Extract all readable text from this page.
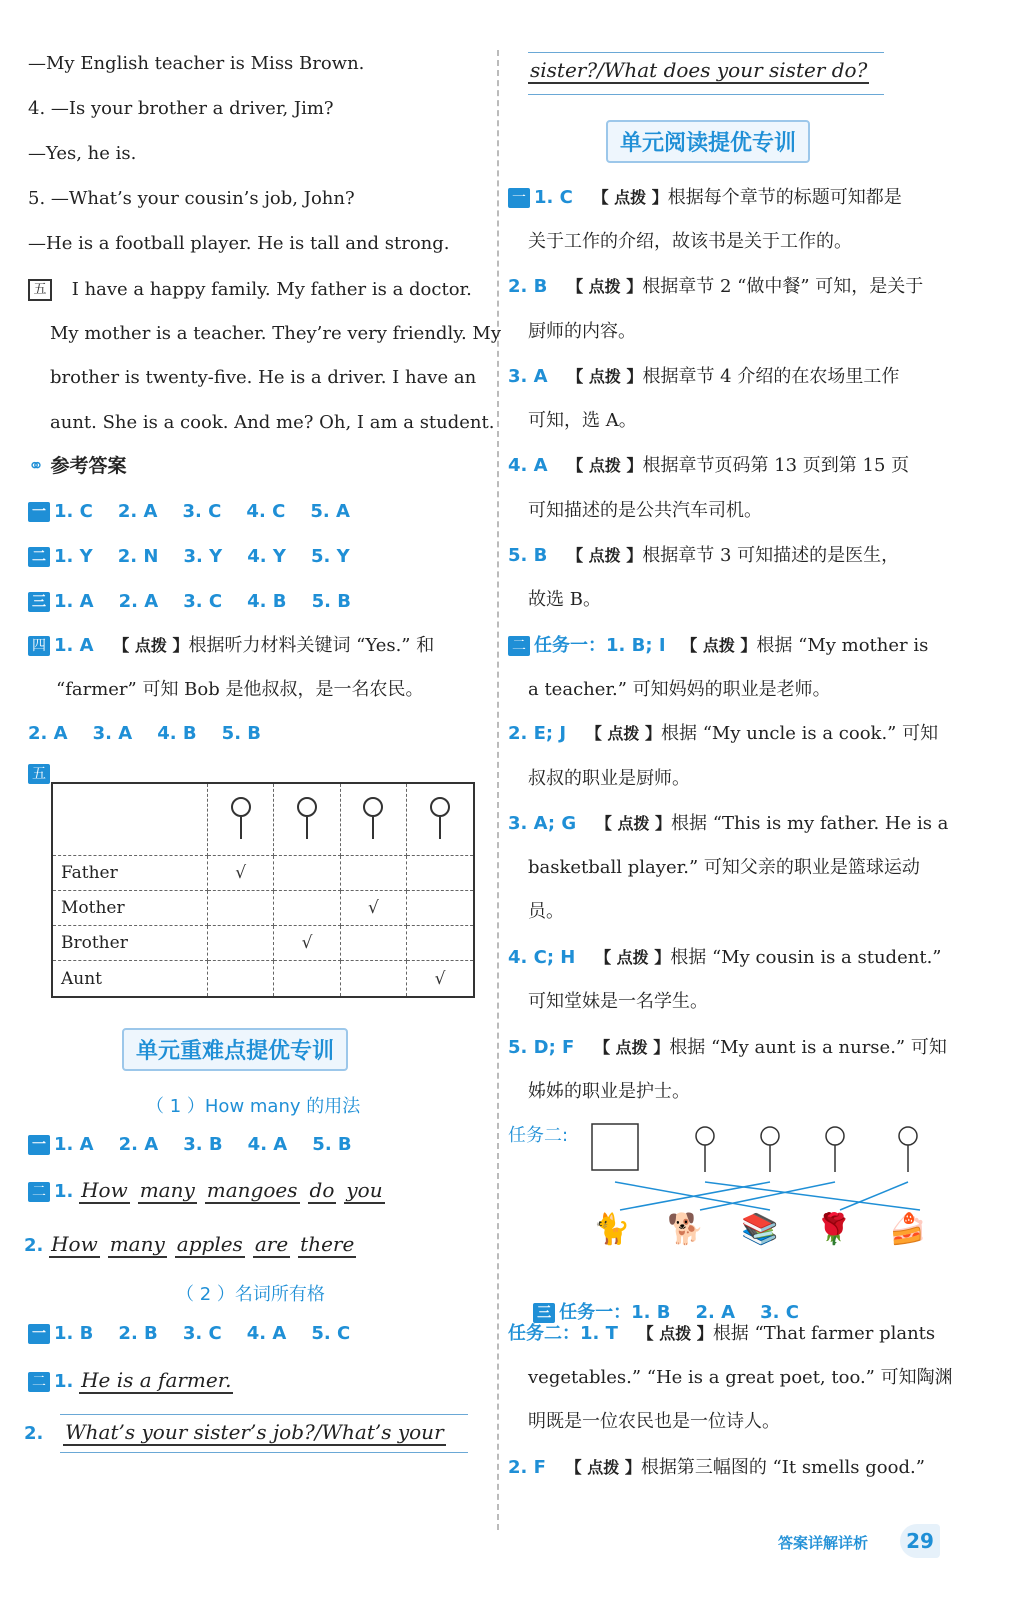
—My English teacher is Miss Brown.
4. —Is your brother a driver, Jim?
—Yes, he is.
5. —What’s your cousin’s job, John?
—He is a football player. He is tall and strong.
五 I have a happy family. My father is a doctor.
My mother is a teacher. They’re very friendly. My
brother is twenty-five. He is a driver. I have an
aunt. She is a cook. And me? Oh, I am a student.
⚭ 参考答案
一 1. C    2. A    3. C    4. C    5. A
二 1. Y    2. N    3. Y    4. Y    5. Y
三 1. A    2. A    3. C    4. B    5. B
四 1. A 【 点拨 】根据听力材料关键词 “Yes.” 和
“farmer” 可知 Bob 是他叔叔，是一名农民。
2. A    3. A    4. B    5. B
五

Father	√			
Mother			√	
Brother		√		
Aunt				√
单元重难点提优专训
（ 1 ）How many 的用法
一 1. A    2. A    3. B    4. A    5. B
二 1. How many mangoes do you
2. How many apples are there
（ 2 ）名词所有格
一 1. B    2. B    3. C    4. A    5. C
二 1. He is a farmer.
2. What’s your sister’s job?/What’s your
sister?/What does your sister do?
单元阅读提优专训
一 1. C 【 点拨 】根据每个章节的标题可知都是
关于工作的介绍，故该书是关于工作的。
2. B 【 点拨 】根据章节 2 “做中餐” 可知，是关于
厨师的内容。
3. A 【 点拨 】根据章节 4 介绍的在农场里工作
可知，选 A。
4. A 【 点拨 】根据章节页码第 13 页到第 15 页
可知描述的是公共汽车司机。
5. B 【 点拨 】根据章节 3 可知描述的是医生，
故选 B。
二 任务一：1. B; I 【 点拨 】根据 “My mother is
a teacher.” 可知妈妈的职业是老师。
2. E; J 【 点拨 】根据 “My uncle is a cook.” 可知
叔叔的职业是厨师。
3. A; G 【 点拨 】根据 “This is my father. He is a
basketball player.” 可知父亲的职业是篮球运动
员。
4. C; H 【 点拨 】根据 “My cousin is a student.”
可知堂妹是一名学生。
5. D; F 【 点拨 】根据 “My aunt is a nurse.” 可知
姊姊的职业是护士。
任务二:
🐈 🐕 📚 🌹 🍰

三 任务一：1. B    2. A    3. C

任务二：1. T 【 点拨 】根据 “That farmer plants
vegetables.” “He is a great poet, too.” 可知陶渊
明既是一位农民也是一位诗人。
2. F 【 点拨 】根据第三幅图的 “It smells good.”
答案详解详析	29
